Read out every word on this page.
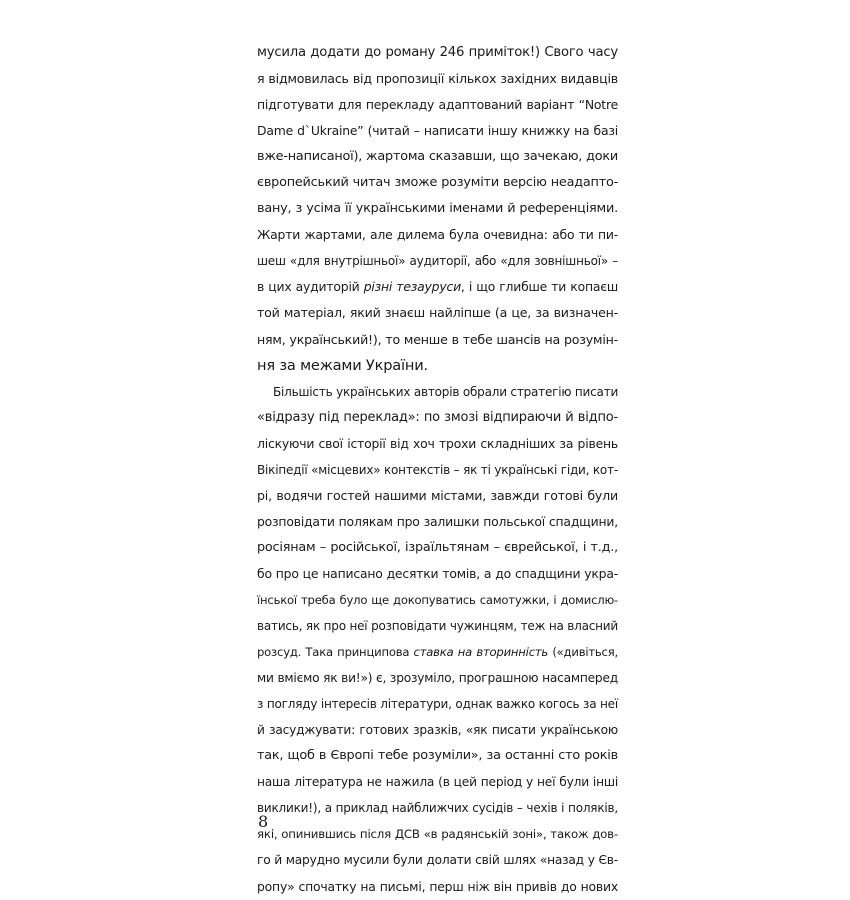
мусила додати до роману 246 приміток!) Свого часу
я відмовилась від пропозиції кількох західних видавців
підготувати для перекладу адаптований варіант “Notre
Dame d`Ukraine” (читай – написати іншу книжку на базі
вже-написаної), жартома сказавши, що зачекаю, доки
європейський читач зможе розуміти версію неадапто-
вану, з усіма її українськими іменами й референціями.
Жарти жартами, але дилема була очевидна: або ти пи-
шеш «для внутрішньої» аудиторії, або «для зовнішньої» –
в цих аудиторій різні тезауруси, і що глибше ти копаєш
той матеріал, який знаєш найліпше (а це, за визначен-
ням, український!), то менше в тебе шансів на розумін-
ня за межами України.
Більшість українських авторів обрали стратегію писати
«відразу під переклад»: по змозі відпираючи й відпо-
лiскуючи свої історії від хоч трохи складніших за рівень
Вікіпедії «місцевих» контекстів – як ті українські гіди, кот-
рі, водячи гостей нашими містами, завжди готові були
розповідати полякам про залишки польської спадщини,
росіянам – російської, ізраїльтянам – єврейської, і т.д.,
бо про це написано десятки томів, а до спадщини укра-
їнської треба було ще докопуватись самотужки, і домислю-
ватись, як про неї розповідати чужинцям, теж на власний
розсуд. Така принципова ставка на вторинність («дивіться,
ми вміємо як ви!») є, зрозуміло, програшною насамперед
з погляду інтересів літератури, однак важко когось за неї
й засуджувати: готових зразків, «як писати українською
так, щоб в Європі тебе розуміли», за останні сто років
наша література не нажила (в цей період у неї були інші
виклики!), а приклад найближчих сусідів – чехів і поляків,
які, опинившись після ДСВ «в радянській зоні», також дов-
го й марудно мусили були долати свій шлях «назад у Єв-
ропу» спочатку на письмі, перш ніж він привів до нових
8
